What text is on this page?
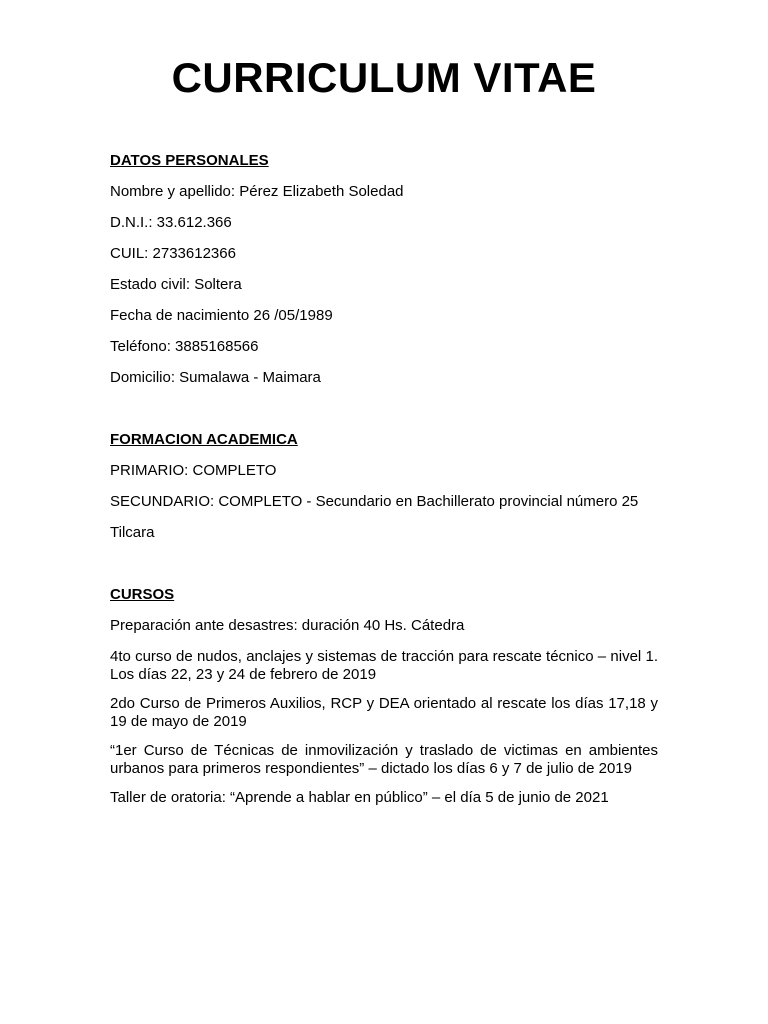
CURRICULUM VITAE

DATOS PERSONALES

Nombre y apellido: Pérez Elizabeth Soledad

D.N.I.: 33.612.366

CUIL: 2733612366

Estado civil: Soltera

Fecha de nacimiento 26 /05/1989

Teléfono: 3885168566

Domicilio: Sumalawa - Maimara

FORMACION ACADEMICA

PRIMARIO: COMPLETO

SECUNDARIO: COMPLETO - Secundario en Bachillerato provincial número 25

Tilcara

CURSOS

Preparación ante desastres: duración 40 Hs. Cátedra

4to curso de nudos, anclajes y sistemas de tracción para rescate técnico – nivel 1. Los días 22, 23 y 24 de febrero de 2019

2do Curso de Primeros Auxilios, RCP y DEA orientado al rescate los días 17,18 y 19 de mayo de 2019

“1er Curso de Técnicas de inmovilización y traslado de victimas en ambientes urbanos para primeros respondientes” – dictado los días 6 y 7 de julio de 2019

Taller de oratoria: “Aprende a hablar en público” – el día 5 de junio de 2021
